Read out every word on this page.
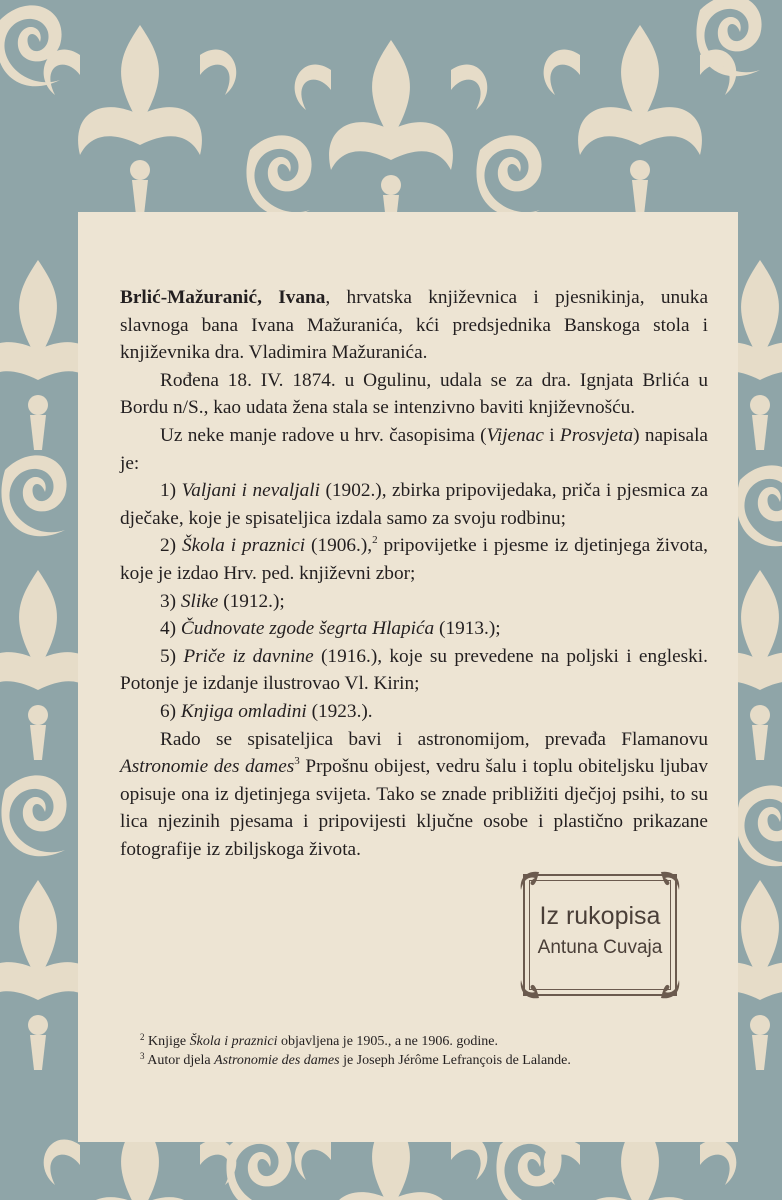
Brlić-Mažuranić, Ivana, hrvatska književnica i pjesnikinja, unuka slavnoga bana Ivana Mažuranića, kći predsjednika Banskoga stola i književnika dra. Vladimira Mažuranića.

Rođena 18. IV. 1874. u Ogulinu, udala se za dra. Ignjata Brlića u Bordu n/S., kao udata žena stala se intenzivno baviti književnošću.

Uz neke manje radove u hrv. časopisima (Vijenac i Prosvjeta) napisala je:

1) Valjani i nevaljali (1902.), zbirka pripovijedaka, priča i pjesmica za dječake, koje je spisateljica izdala samo za svoju rodbinu;

2) Škola i praznici (1906.),$^2$ pripovijetke i pjesme iz djetinjega života, koje je izdao Hrv. ped. književni zbor;

3) Slike (1912.);

4) Čudnovate zgode šegrta Hlapića (1913.);

5) Priče iz davnine (1916.), koje su prevedene na poljski i engleski. Potonje je izdanje ilustrovao Vl. Kirin;

6) Knjiga omladini (1923.).

Rado se spisateljica bavi i astronomijom, prevađa Flamanovu Astronomie des dames$^3$ Prpošnu obijest, vedru šalu i toplu obiteljsku ljubav opisuje ona iz djetinjega svijeta. Tako se znade približiti dječjoj psihi, to su lica njezinih pjesama i pripovijesti ključne osobe i plastično prikazane fotografije iz zbiljskoga života.

Iz rukopisa
Antuna Cuvaja

$^2$ Knjige Škola i praznici objavljena je 1905., a ne 1906. godine.

$^3$ Autor djela Astronomie des dames je Joseph Jérôme Lefrançois de Lalande.
